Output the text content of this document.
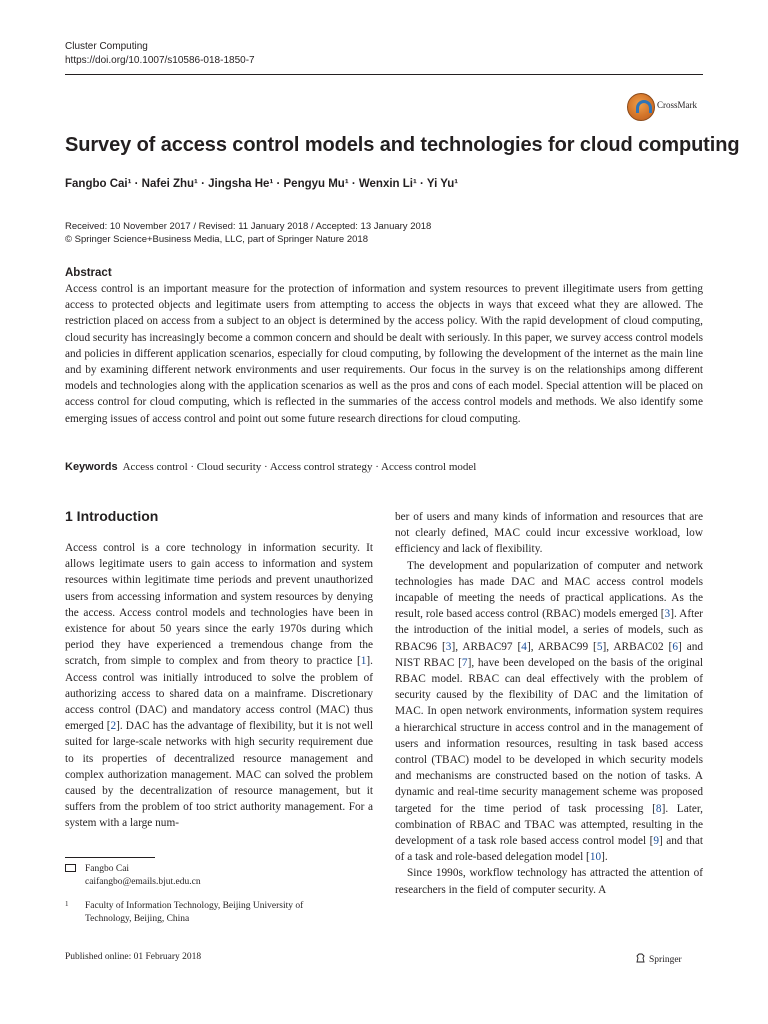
Cluster Computing
https://doi.org/10.1007/s10586-018-1850-7
CrossMark
Survey of access control models and technologies for cloud computing
Fangbo Cai¹ · Nafei Zhu¹ · Jingsha He¹ · Pengyu Mu¹ · Wenxin Li¹ · Yi Yu¹
Received: 10 November 2017 / Revised: 11 January 2018 / Accepted: 13 January 2018
© Springer Science+Business Media, LLC, part of Springer Nature 2018
Abstract
Access control is an important measure for the protection of information and system resources to prevent illegitimate users from getting access to protected objects and legitimate users from attempting to access the objects in ways that exceed what they are allowed. The restriction placed on access from a subject to an object is determined by the access policy. With the rapid development of cloud computing, cloud security has increasingly become a common concern and should be dealt with seriously. In this paper, we survey access control models and policies in different application scenarios, especially for cloud computing, by following the development of the internet as the main line and by examining different network environments and user requirements. Our focus in the survey is on the relationships among different models and technologies along with the application scenarios as well as the pros and cons of each model. Special attention will be placed on access control for cloud computing, which is reflected in the summaries of the access control models and methods. We also identify some emerging issues of access control and point out some future research directions for cloud computing.
Keywords Access control · Cloud security · Access control strategy · Access control model
1 Introduction

Access control is a core technology in information security. It allows legitimate users to gain access to information and system resources within legitimate time periods and prevent unauthorized users from accessing information and system resources by denying the access. Access control models and technologies have been in existence for about 50 years since the early 1970s during which period they have experienced a tremendous change from the scratch, from simple to complex and from theory to practice [1]. Access control was initially introduced to solve the problem of authorizing access to shared data on a mainframe. Discretionary access control (DAC) and mandatory access control (MAC) thus emerged [2]. DAC has the advantage of flexibility, but it is not well suited for large-scale networks with high security requirement due to its properties of decentralized resource management and complex authorization management. MAC can solved the problem caused by the decentralization of resource management, but it suffers from the problem of too strict authority management. For a system with a large num-

ber of users and many kinds of information and resources that are not clearly defined, MAC could incur excessive workload, low efficiency and lack of flexibility.

The development and popularization of computer and network technologies has made DAC and MAC access control models incapable of meeting the needs of practical applications. As the result, role based access control (RBAC) models emerged [3]. After the introduction of the initial model, a series of models, such as RBAC96 [3], ARBAC97 [4], ARBAC99 [5], ARBAC02 [6] and NIST RBAC [7], have been developed on the basis of the original RBAC model. RBAC can deal effectively with the problem of security caused by the flexibility of DAC and the limitation of MAC. In open network environments, information system requires a hierarchical structure in access control and in the management of users and information resources, resulting in task based access control (TBAC) model to be developed in which security models and mechanisms are constructed based on the notion of tasks. A dynamic and real-time security management scheme was proposed targeted for the time period of task processing [8]. Later, combination of RBAC and TBAC was attempted, resulting in the development of a task role based access control model [9] and that of a task and role-based delegation model [10].

Since 1990s, workflow technology has attracted the attention of researchers in the field of computer security. A

Fangbo Cai
caifangbo@emails.bjut.edu.cn
1 Faculty of Information Technology, Beijing University of
Technology, Beijing, China
Published online: 01 February 2018	Springer
